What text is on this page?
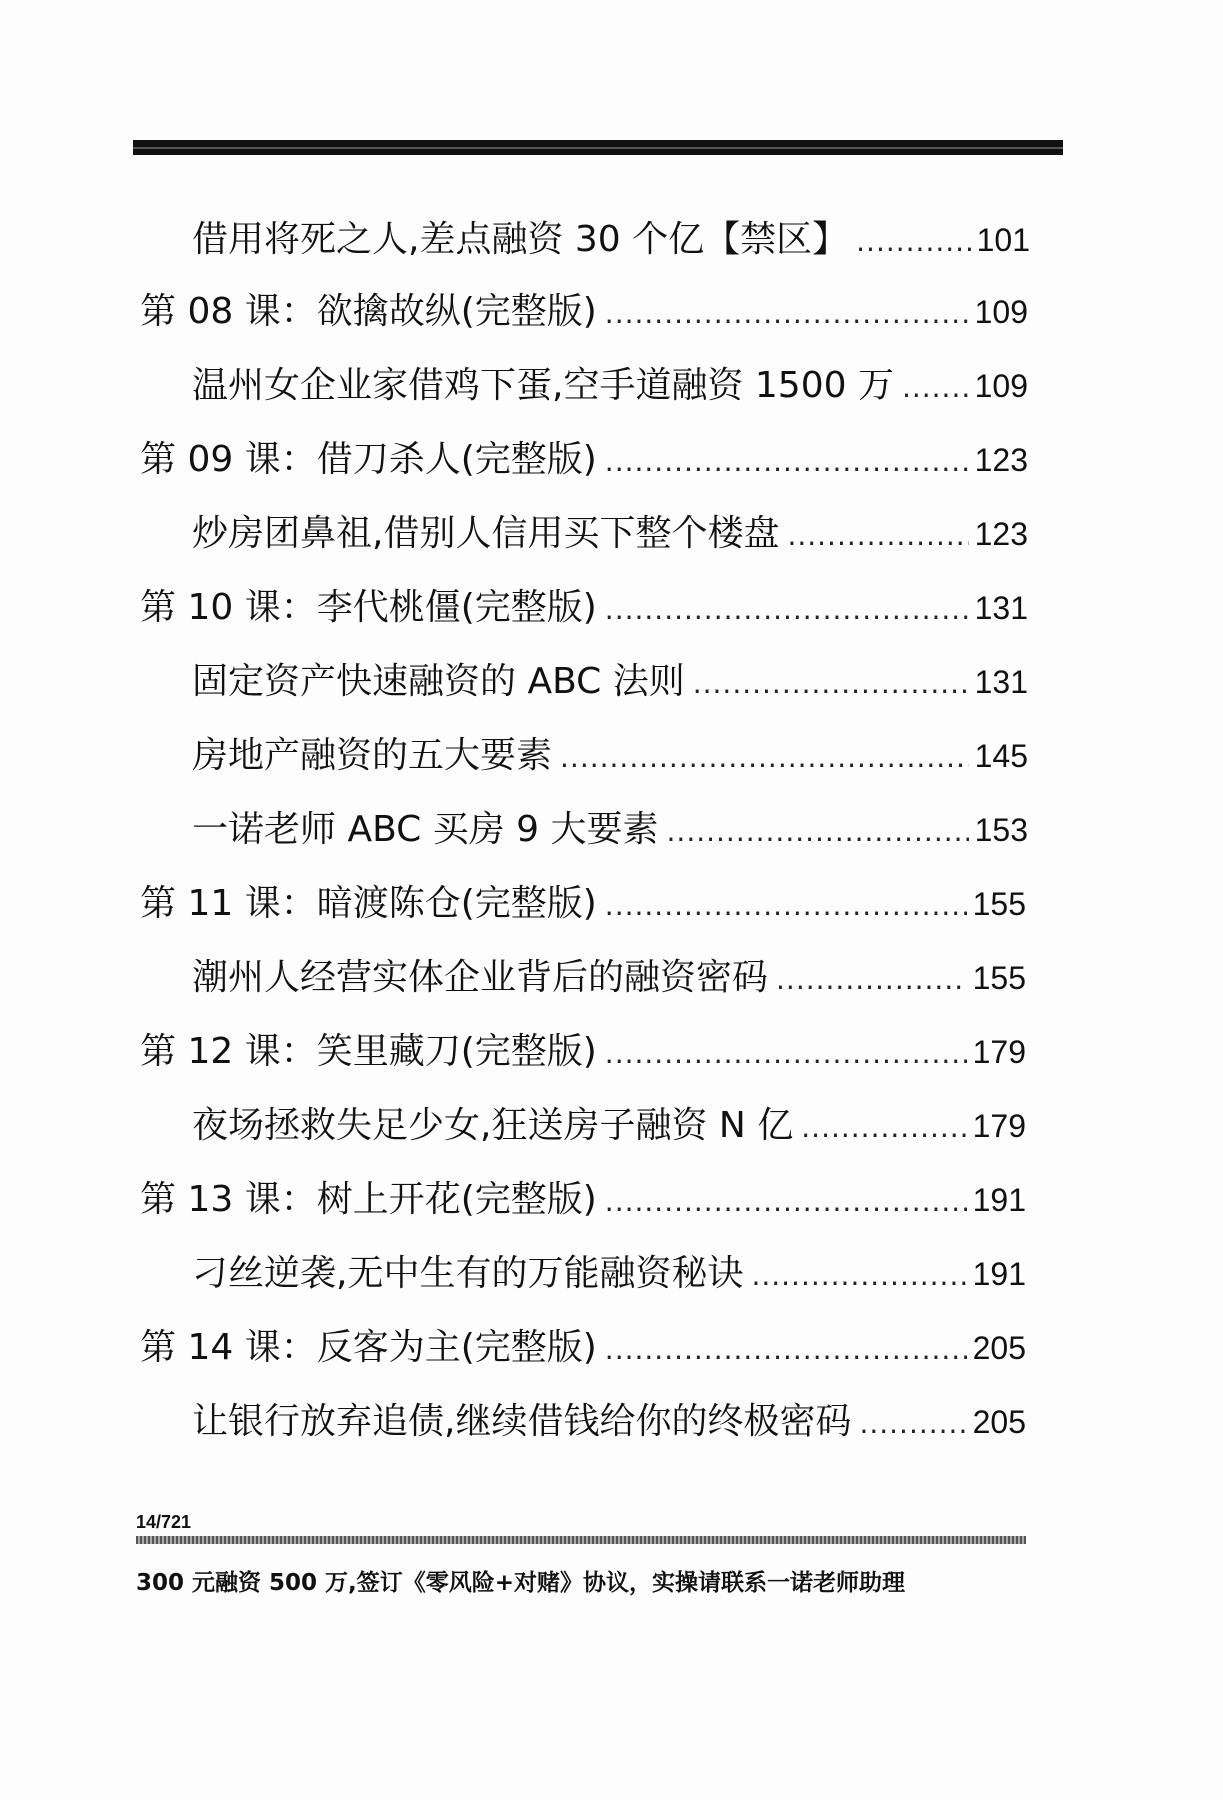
借用将死之人,差点融资 30 个亿【禁区】 .....	101
第 08 课：欲擒故纵(完整版) .....	109
温州女企业家借鸡下蛋,空手道融资 1500 万 .....	109
第 09 课：借刀杀人(完整版) .....	123
炒房团鼻祖,借别人信用买下整个楼盘 .....	123
第 10 课：李代桃僵(完整版) .....	131
固定资产快速融资的 ABC 法则 .....	131
房地产融资的五大要素 .....	145
一诺老师 ABC 买房 9 大要素 .....	153
第 11 课：暗渡陈仓(完整版) .....	155
潮州人经营实体企业背后的融资密码 .....	155
第 12 课：笑里藏刀(完整版) .....	179
夜场拯救失足少女,狂送房子融资 N 亿 .....	179
第 13 课：树上开花(完整版) .....	191
刁丝逆袭,无中生有的万能融资秘诀 .....	191
第 14 课：反客为主(完整版) .....	205
让银行放弃追债,继续借钱给你的终极密码 .....	205
14/721
300 元融资 500 万,签订《零风险+对赌》协议，实操请联系一诺老师助理
